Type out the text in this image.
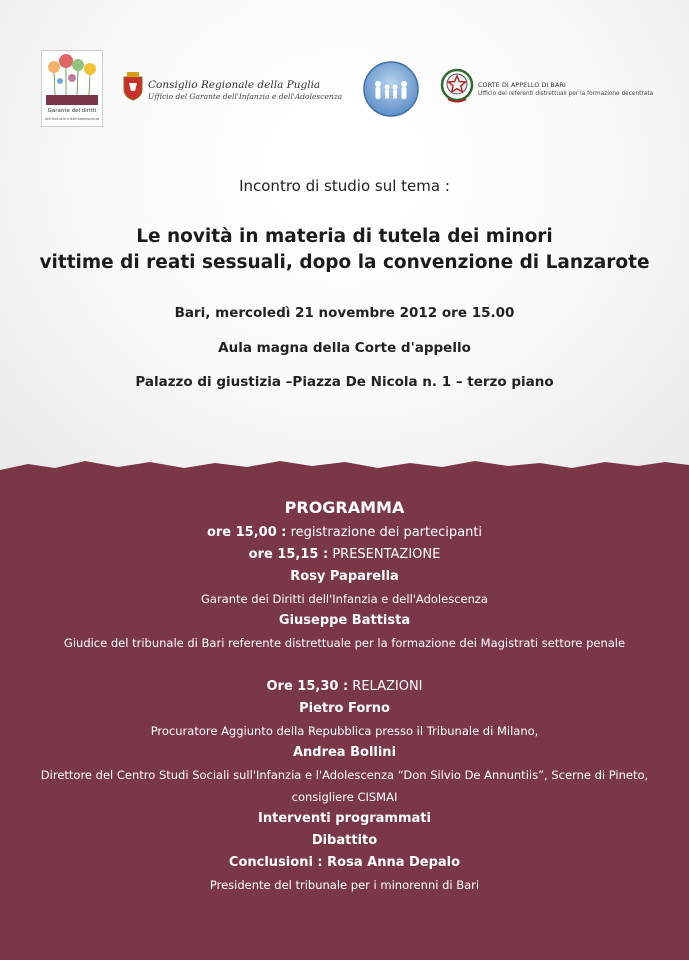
Garante dei diritti
dell'Infanzia e dell'Adolescenza
Consiglio Regionale della Puglia
Ufficio del Garante dell'Infanzia e dell'Adolescenza
CORTE DI APPELLO DI BARI
Ufficio dei referenti distrettuali per la formazione decentrata
Incontro di studio sul tema :
Le novità in materia di tutela dei minori
vittime di reati sessuali, dopo la convenzione di Lanzarote
Bari, mercoledì 21 novembre 2012 ore 15.00
Aula magna della Corte d'appello
Palazzo di giustizia –Piazza De Nicola n. 1 – terzo piano
PROGRAMMA
ore 15,00 : registrazione dei partecipanti
ore 15,15 : PRESENTAZIONE
Rosy Paparella
Garante dei Diritti dell'Infanzia e dell'Adolescenza
Giuseppe Battista
Giudice del tribunale di Bari referente distrettuale per la formazione dei Magistrati settore penale
Ore 15,30 : RELAZIONI
Pietro Forno
Procuratore Aggiunto della Repubblica presso il Tribunale di Milano,
Andrea Bollini
Direttore del Centro Studi Sociali sull'Infanzia e l'Adolescenza “Don Silvio De Annuntiis”, Scerne di Pineto,
consigliere CISMAI
Interventi programmati
Dibattito
Conclusioni : Rosa Anna Depalo
Presidente del tribunale per i minorenni di Bari
